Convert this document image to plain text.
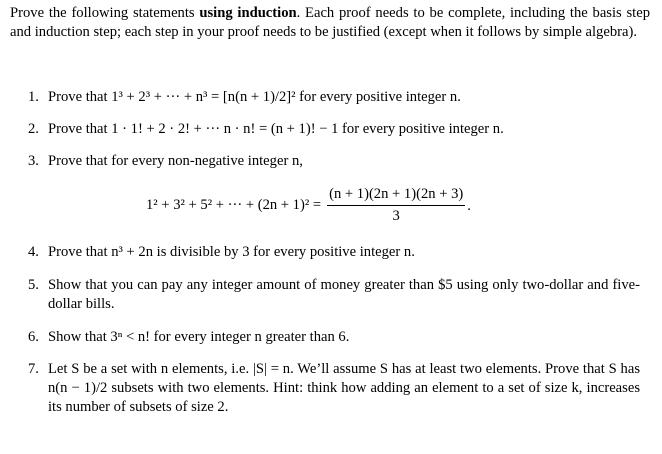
Prove the following statements using induction. Each proof needs to be complete, including the basis step and induction step; each step in your proof needs to be justified (except when it follows by simple algebra).
1. Prove that 1³ + 2³ + ··· + n³ = [n(n + 1)/2]² for every positive integer n.
2. Prove that 1 · 1! + 2 · 2! + ··· n · n! = (n + 1)! − 1 for every positive integer n.
3. Prove that for every non-negative integer n,
1² + 3² + 5² + ··· + $(2n + 1)^2 = \frac{(n + 1)(2n + 1)(2n + 3)}{3}$ .
4. Prove that n³ + 2n is divisible by 3 for every positive integer n.
5. Show that you can pay any integer amount of money greater than $5 using only two-dollar and five-dollar bills.
6. Show that 3ⁿ < n! for every integer n greater than 6.
7. Let S be a set with n elements, i.e. |S| = n. We’ll assume S has at least two elements. Prove that S has n(n − 1)/2 subsets with two elements. Hint: think how adding an element to a set of size k, increases its number of subsets of size 2.
